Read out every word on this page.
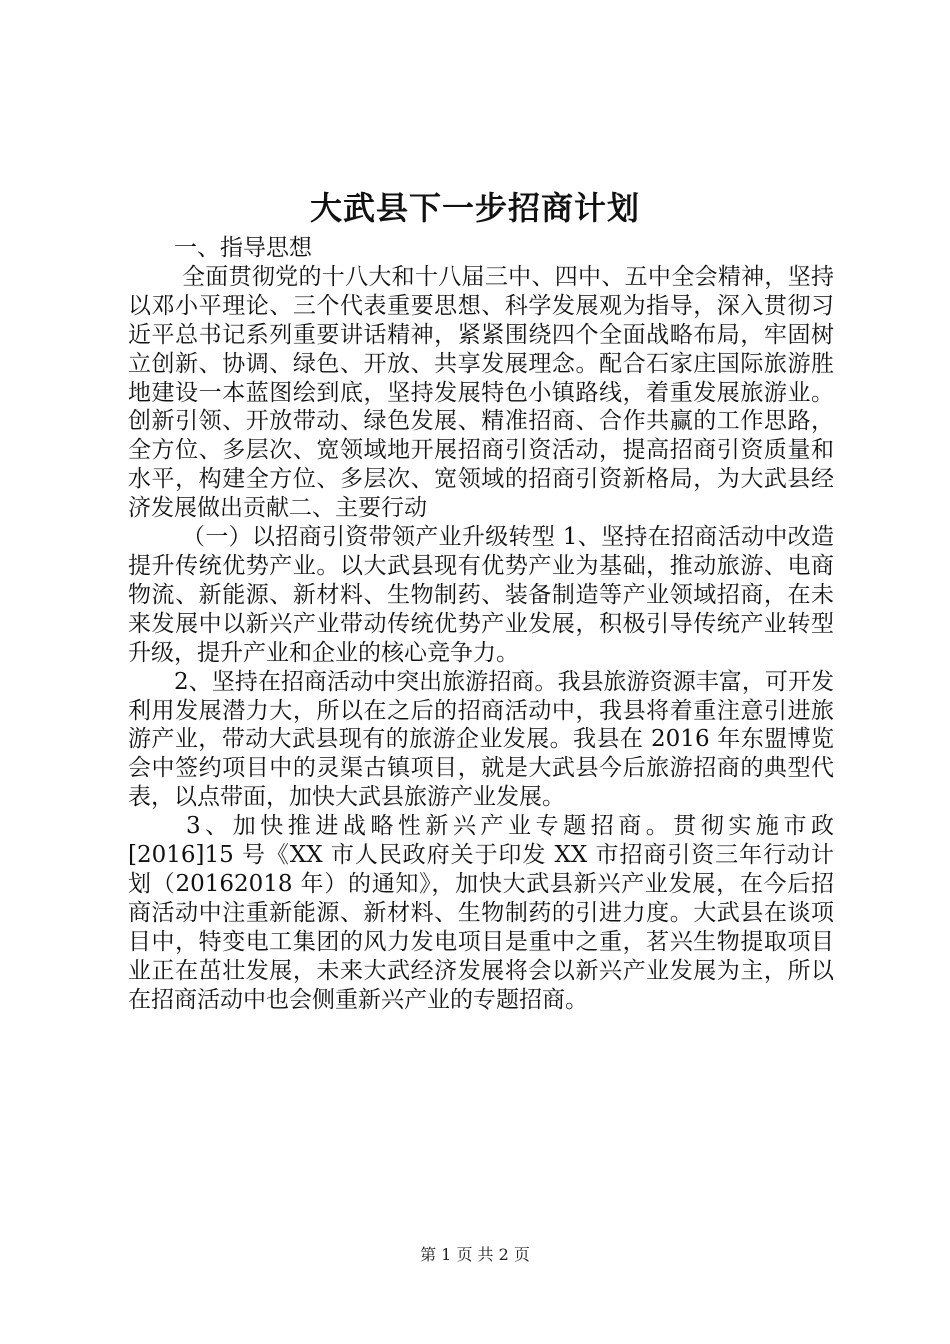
大武县下一步招商计划

一、指导思想

全面贯彻党的十八大和十八届三中、四中、五中全会精神，坚持以邓小平理论、三个代表重要思想、科学发展观为指导，深入贯彻习近平总书记系列重要讲话精神，紧紧围绕四个全面战略布局，牢固树立创新、协调、绿色、开放、共享发展理念。配合石家庄国际旅游胜地建设一本蓝图绘到底，坚持发展特色小镇路线，着重发展旅游业。创新引领、开放带动、绿色发展、精准招商、合作共赢的工作思路，全方位、多层次、宽领域地开展招商引资活动，提高招商引资质量和水平，构建全方位、多层次、宽领域的招商引资新格局，为大武县经济发展做出贡献二、主要行动

（一）以招商引资带领产业升级转型 1、坚持在招商活动中改造提升传统优势产业。以大武县现有优势产业为基础，推动旅游、电商物流、新能源、新材料、生物制药、装备制造等产业领域招商，在未来发展中以新兴产业带动传统优势产业发展，积极引导传统产业转型升级，提升产业和企业的核心竞争力。

2、坚持在招商活动中突出旅游招商。我县旅游资源丰富，可开发利用发展潜力大，所以在之后的招商活动中，我县将着重注意引进旅游产业，带动大武县现有的旅游企业发展。我县在 2016 年东盟博览会中签约项目中的灵渠古镇项目，就是大武县今后旅游招商的典型代表，以点带面，加快大武县旅游产业发展。

3、加快推进战略性新兴产业专题招商。贯彻实施市政[2016]15 号《XX 市人民政府关于印发 XX 市招商引资三年行动计划（20162018 年）的通知》，加快大武县新兴产业发展，在今后招商活动中注重新能源、新材料、生物制药的引进力度。大武县在谈项目中，特变电工集团的风力发电项目是重中之重，茗兴生物提取项目业正在茁壮发展，未来大武经济发展将会以新兴产业发展为主，所以在招商活动中也会侧重新兴产业的专题招商。

第 1 页 共 2 页
